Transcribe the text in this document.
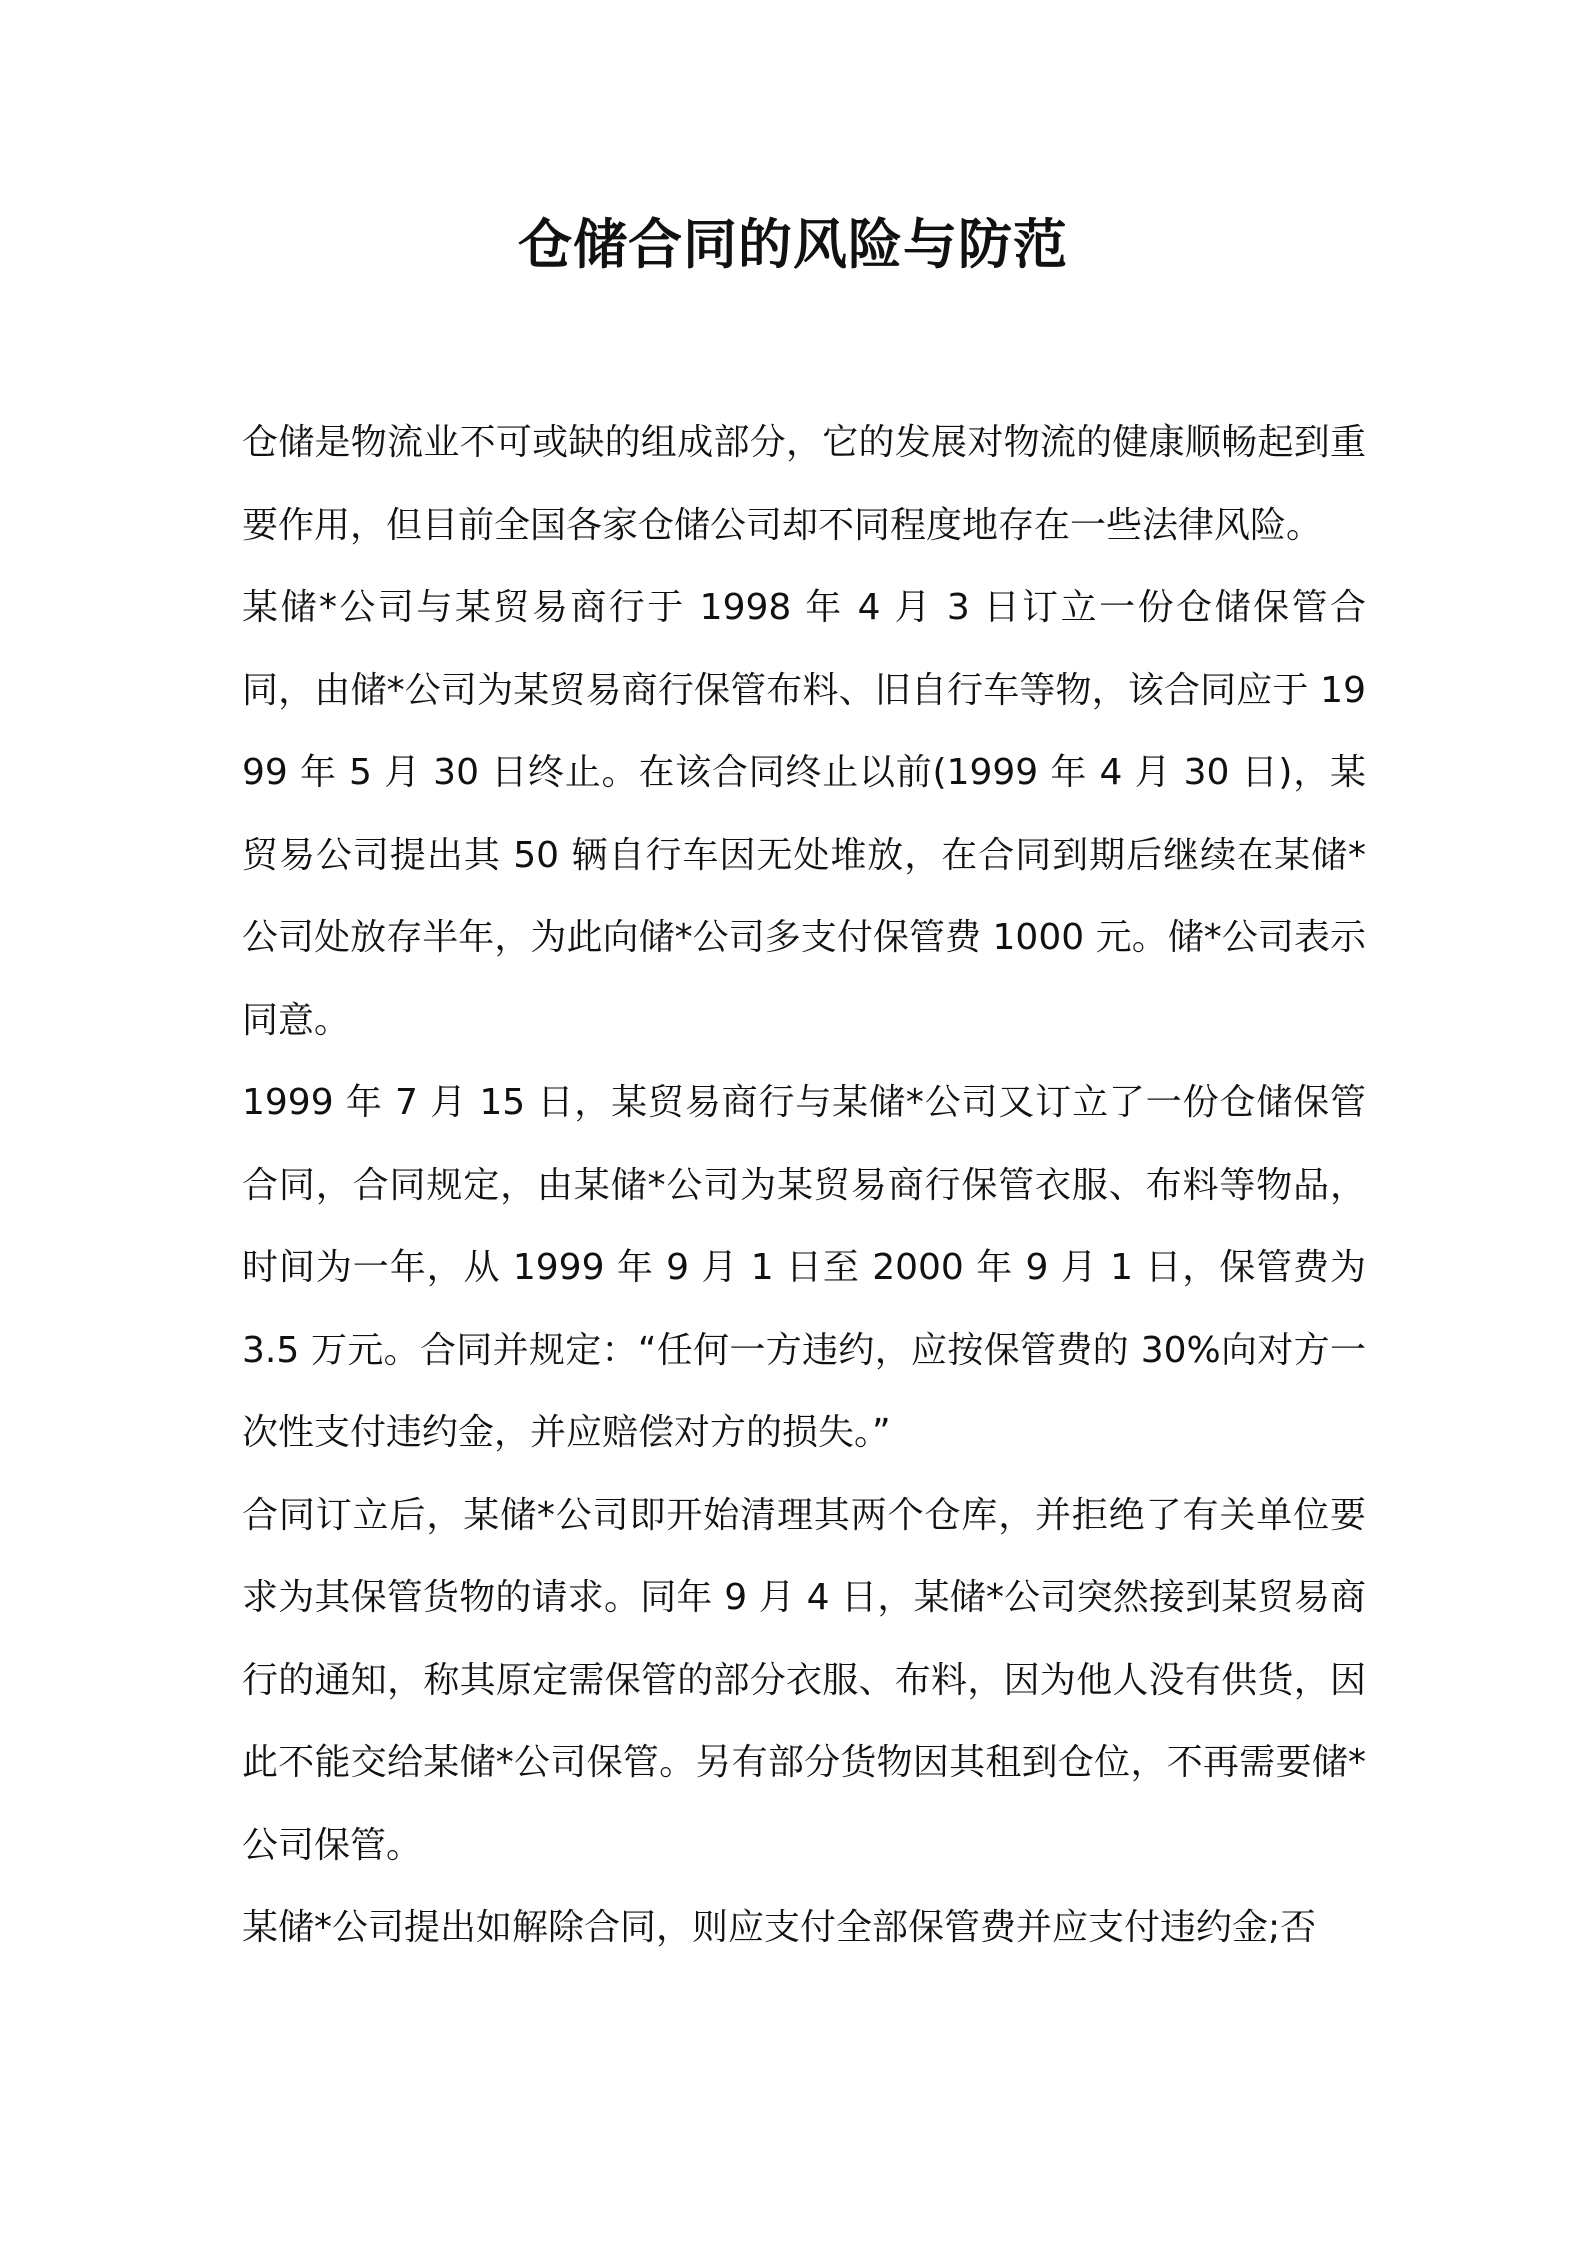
仓储合同的风险与防范

仓储是物流业不可或缺的组成部分，它的发展对物流的健康顺畅起到重要作用，但目前全国各家仓储公司却不同程度地存在一些法律风险。

某储*公司与某贸易商行于 1998 年 4 月 3 日订立一份仓储保管合同，由储*公司为某贸易商行保管布料、旧自行车等物，该合同应于 1999 年 5 月 30 日终止。在该合同终止以前(1999 年 4 月 30 日)，某贸易公司提出其 50 辆自行车因无处堆放，在合同到期后继续在某储*公司处放存半年，为此向储*公司多支付保管费 1000 元。储*公司表示同意。

1999 年 7 月 15 日，某贸易商行与某储*公司又订立了一份仓储保管合同，合同规定，由某储*公司为某贸易商行保管衣服、布料等物品，时间为一年，从 1999 年 9 月 1 日至 2000 年 9 月 1 日，保管费为 3.5 万元。合同并规定：“任何一方违约，应按保管费的 30%向对方一次性支付违约金，并应赔偿对方的损失。”

合同订立后，某储*公司即开始清理其两个仓库，并拒绝了有关单位要求为其保管货物的请求。同年 9 月 4 日，某储*公司突然接到某贸易商行的通知，称其原定需保管的部分衣服、布料，因为他人没有供货，因此不能交给某储*公司保管。另有部分货物因其租到仓位，不再需要储*公司保管。

某储*公司提出如解除合同，则应支付全部保管费并应支付违约金;否
